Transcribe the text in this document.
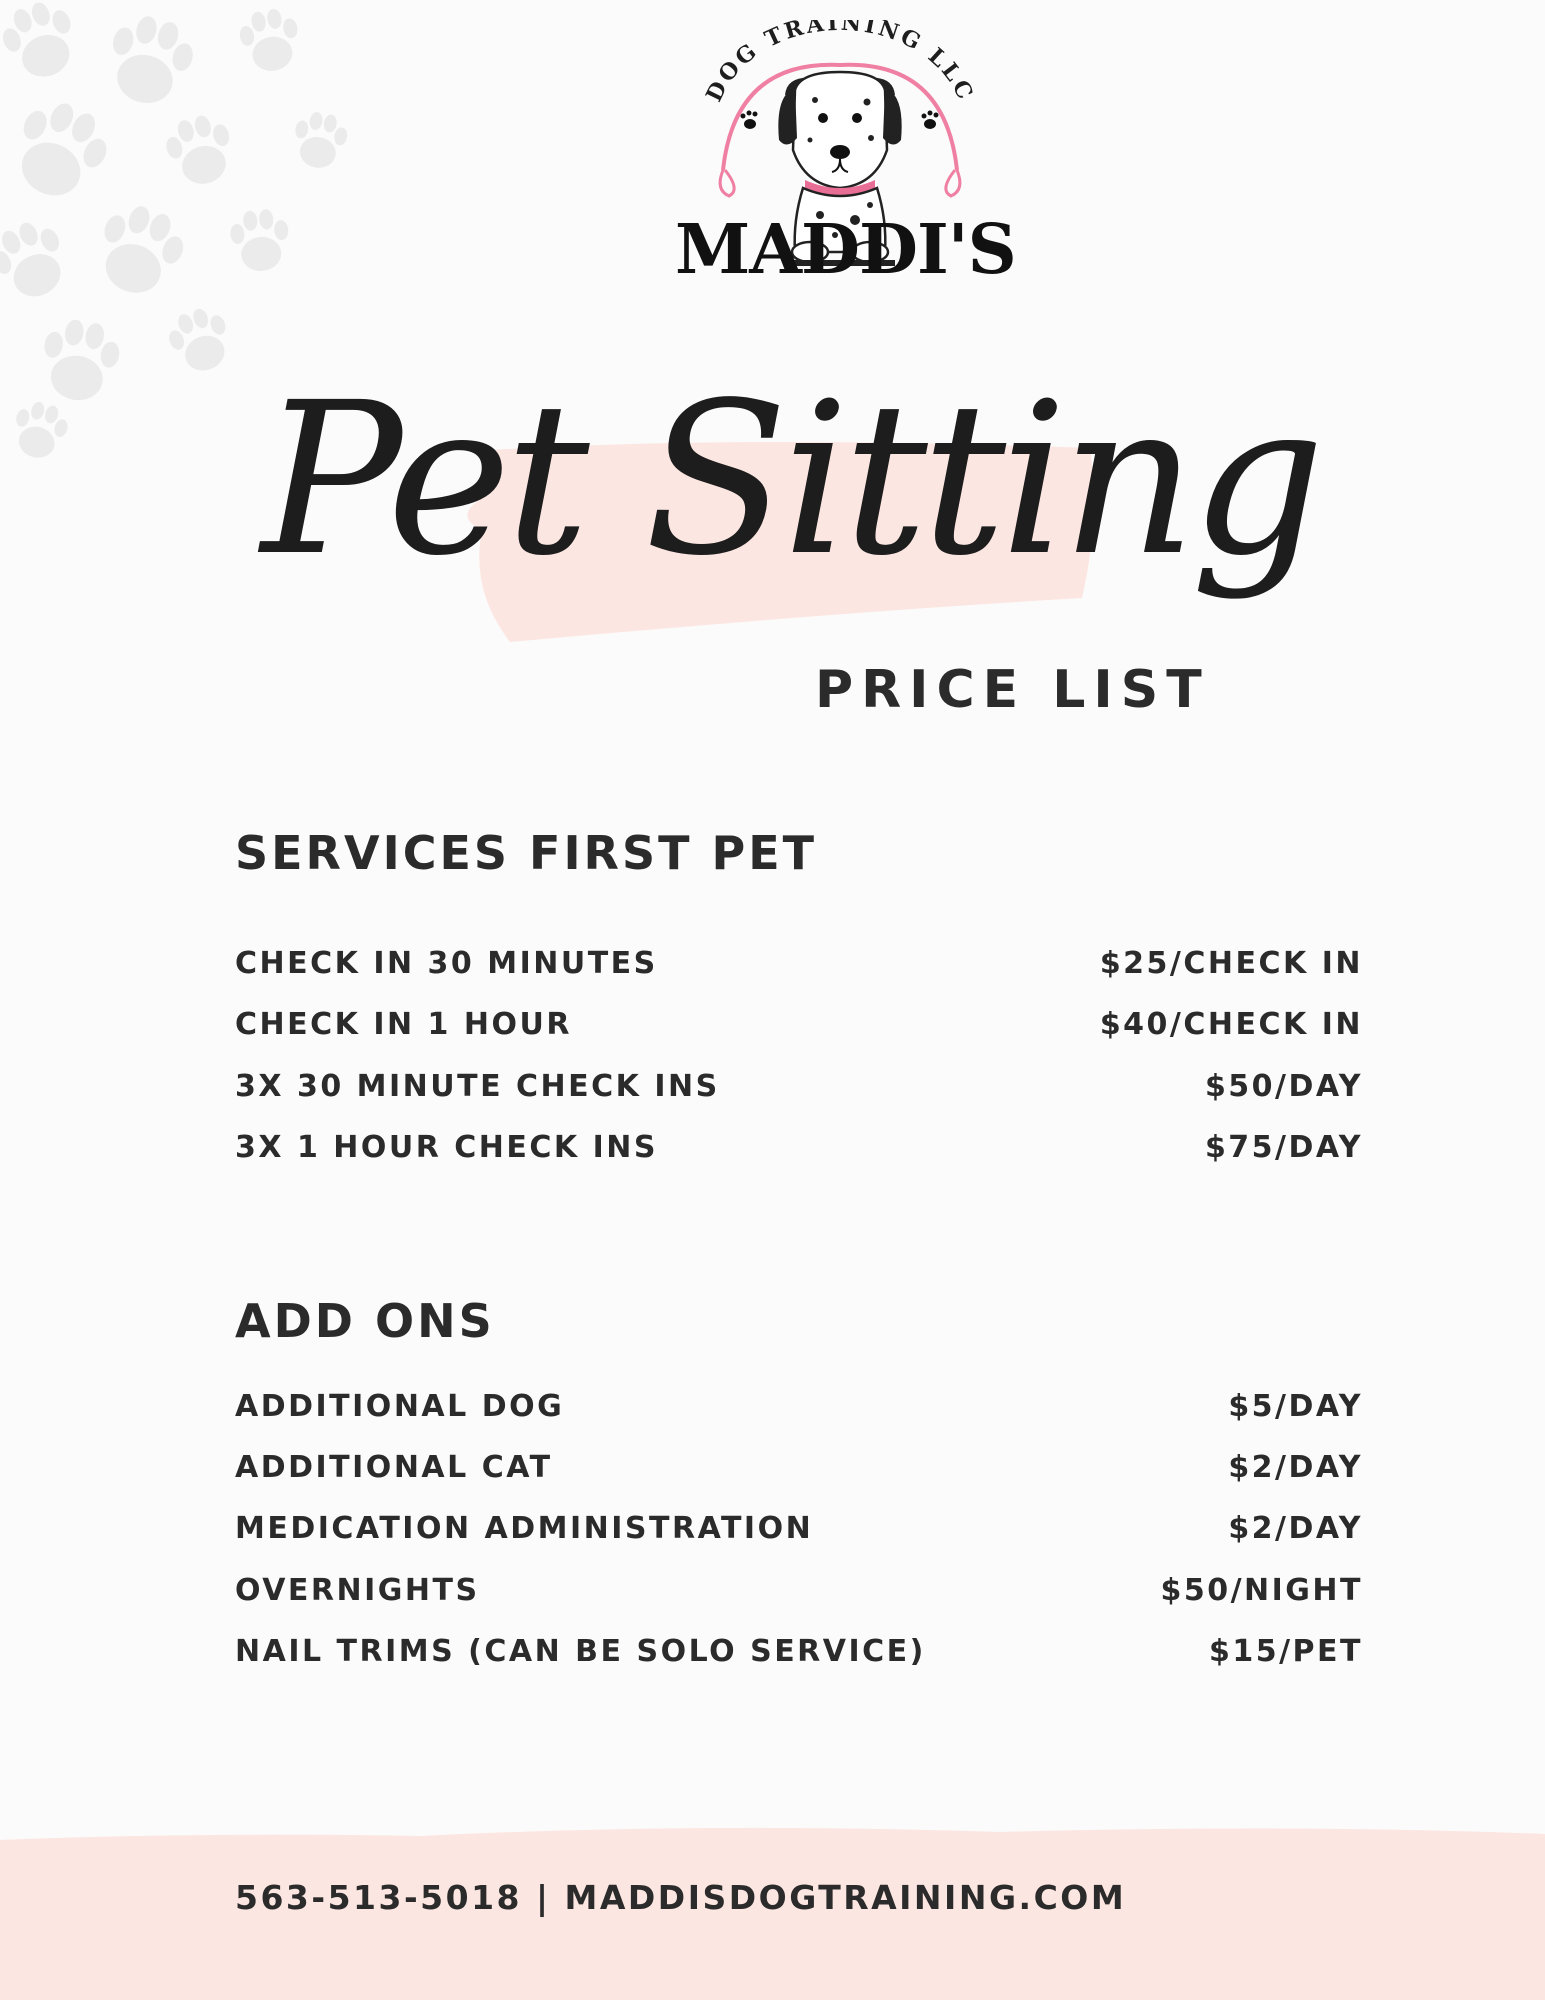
DOG TRAINING LLC
MADDI'S
Pet Sitting
PRICE LIST
SERVICES FIRST PET
CHECK IN 30 MINUTES	$25/CHECK IN
CHECK IN 1 HOUR	$40/CHECK IN
3X 30 MINUTE CHECK INS	$50/DAY
3X 1 HOUR CHECK INS	$75/DAY
ADD ONS
ADDITIONAL DOG	$5/DAY
ADDITIONAL CAT	$2/DAY
MEDICATION ADMINISTRATION	$2/DAY
OVERNIGHTS	$50/NIGHT
NAIL TRIMS (CAN BE SOLO SERVICE)	$15/PET
563-513-5018 | MADDISDOGTRAINING.COM
